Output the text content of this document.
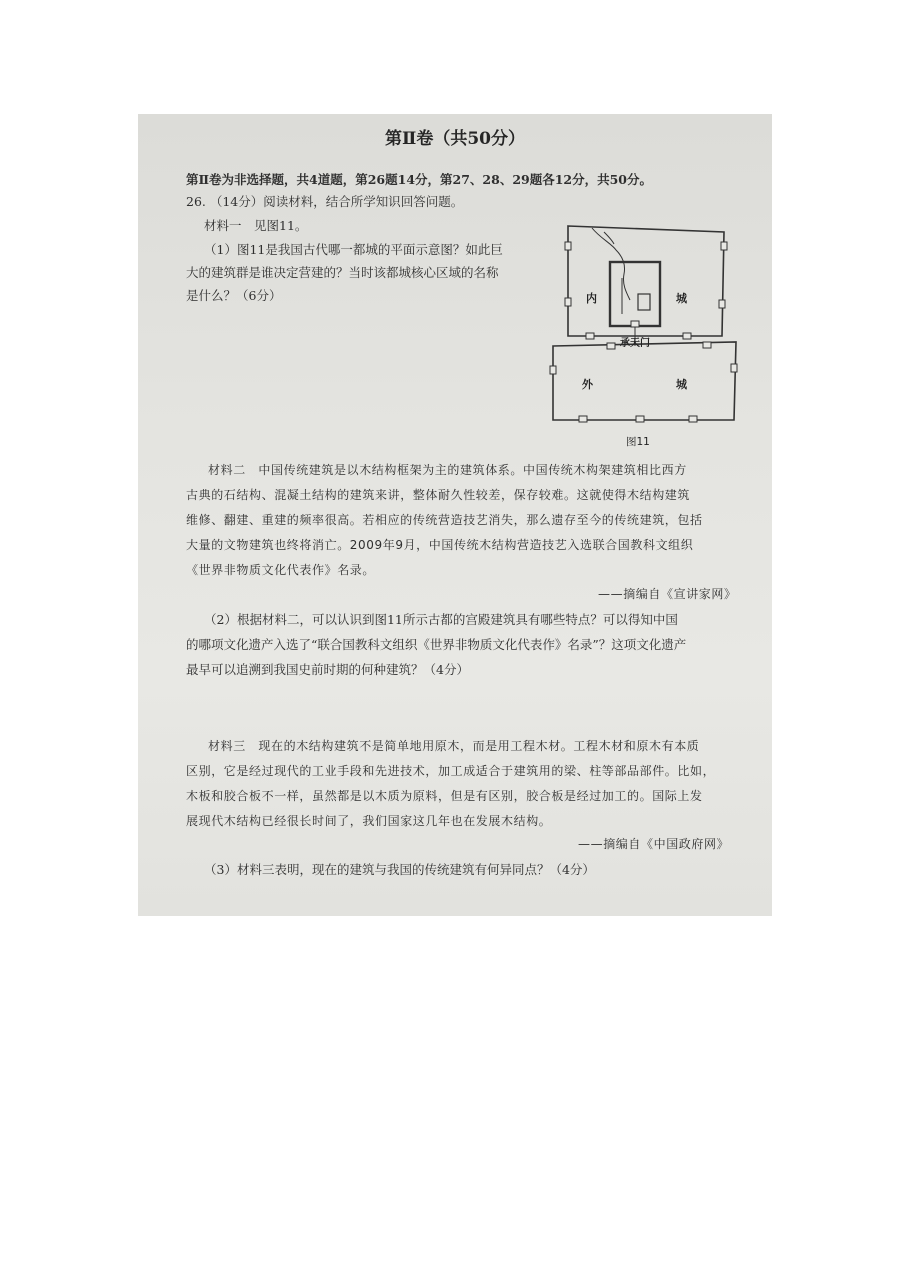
第Ⅱ卷（共50分）
第Ⅱ卷为非选择题，共4道题，第26题14分，第27、28、29题各12分，共50分。
26. （14分）阅读材料，结合所学知识回答问题。
材料一　见图11。
（1）图11是我国古代哪一都城的平面示意图？如此巨
大的建筑群是谁决定营建的？当时该都城核心区域的名称
是什么？（6分）	内	城
承天门
外	城
图11
材料二　中国传统建筑是以木结构框架为主的建筑体系。中国传统木构架建筑相比西方
古典的石结构、混凝土结构的建筑来讲，整体耐久性较差，保存较难。这就使得木结构建筑
维修、翻建、重建的频率很高。若相应的传统营造技艺消失，那么遗存至今的传统建筑，包括
大量的文物建筑也终将消亡。2009年9月，中国传统木结构营造技艺入选联合国教科文组织
《世界非物质文化代表作》名录。
——摘编自《宣讲家网》
（2）根据材料二，可以认识到图11所示古都的宫殿建筑具有哪些特点？可以得知中国
的哪项文化遗产入选了“联合国教科文组织《世界非物质文化代表作》名录”？这项文化遗产
最早可以追溯到我国史前时期的何种建筑？（4分）
材料三　现在的木结构建筑不是简单地用原木，而是用工程木材。工程木材和原木有本质
区别，它是经过现代的工业手段和先进技术，加工成适合于建筑用的梁、柱等部品部件。比如，
木板和胶合板不一样，虽然都是以木质为原料，但是有区别，胶合板是经过加工的。国际上发
展现代木结构已经很长时间了，我们国家这几年也在发展木结构。
——摘编自《中国政府网》
（3）材料三表明，现在的建筑与我国的传统建筑有何异同点？（4分）
